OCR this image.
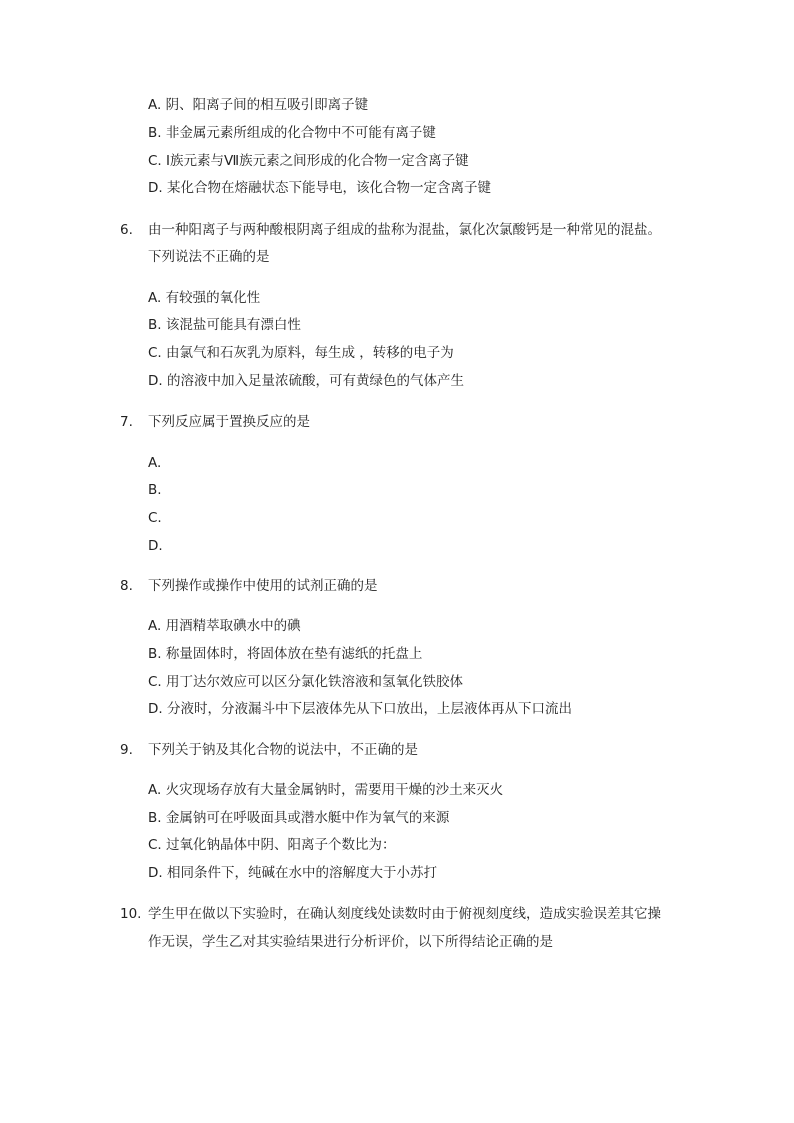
A. 阴、阳离子间的相互吸引即离子键
B. 非金属元素所组成的化合物中不可能有离子键
C. Ⅰ族元素与Ⅶ族元素之间形成的化合物一定含离子键
D. 某化合物在熔融状态下能导电，该化合物一定含离子键
6. 由一种阳离子与两种酸根阴离子组成的盐称为混盐，氯化次氯酸钙是一种常见的混盐。
下列说法不正确的是
A. 有较强的氧化性
B. 该混盐可能具有漂白性
C. 由氯气和石灰乳为原料，每生成 ，转移的电子为
D. 的溶液中加入足量浓硫酸，可有黄绿色的气体产生
7. 下列反应属于置换反应的是
A.
B.
C.
D.
8. 下列操作或操作中使用的试剂正确的是
A. 用酒精萃取碘水中的碘
B. 称量固体时，将固体放在垫有滤纸的托盘上
C. 用丁达尔效应可以区分氯化铁溶液和氢氧化铁胶体
D. 分液时，分液漏斗中下层液体先从下口放出，上层液体再从下口流出
9. 下列关于钠及其化合物的说法中，不正确的是
A. 火灾现场存放有大量金属钠时，需要用干燥的沙土来灭火
B. 金属钠可在呼吸面具或潜水艇中作为氧气的来源
C. 过氧化钠晶体中阴、阳离子个数比为：
D. 相同条件下，纯碱在水中的溶解度大于小苏打
10. 学生甲在做以下实验时，在确认刻度线处读数时由于俯视刻度线，造成实验误差其它操
作无误，学生乙对其实验结果进行分析评价，以下所得结论正确的是
